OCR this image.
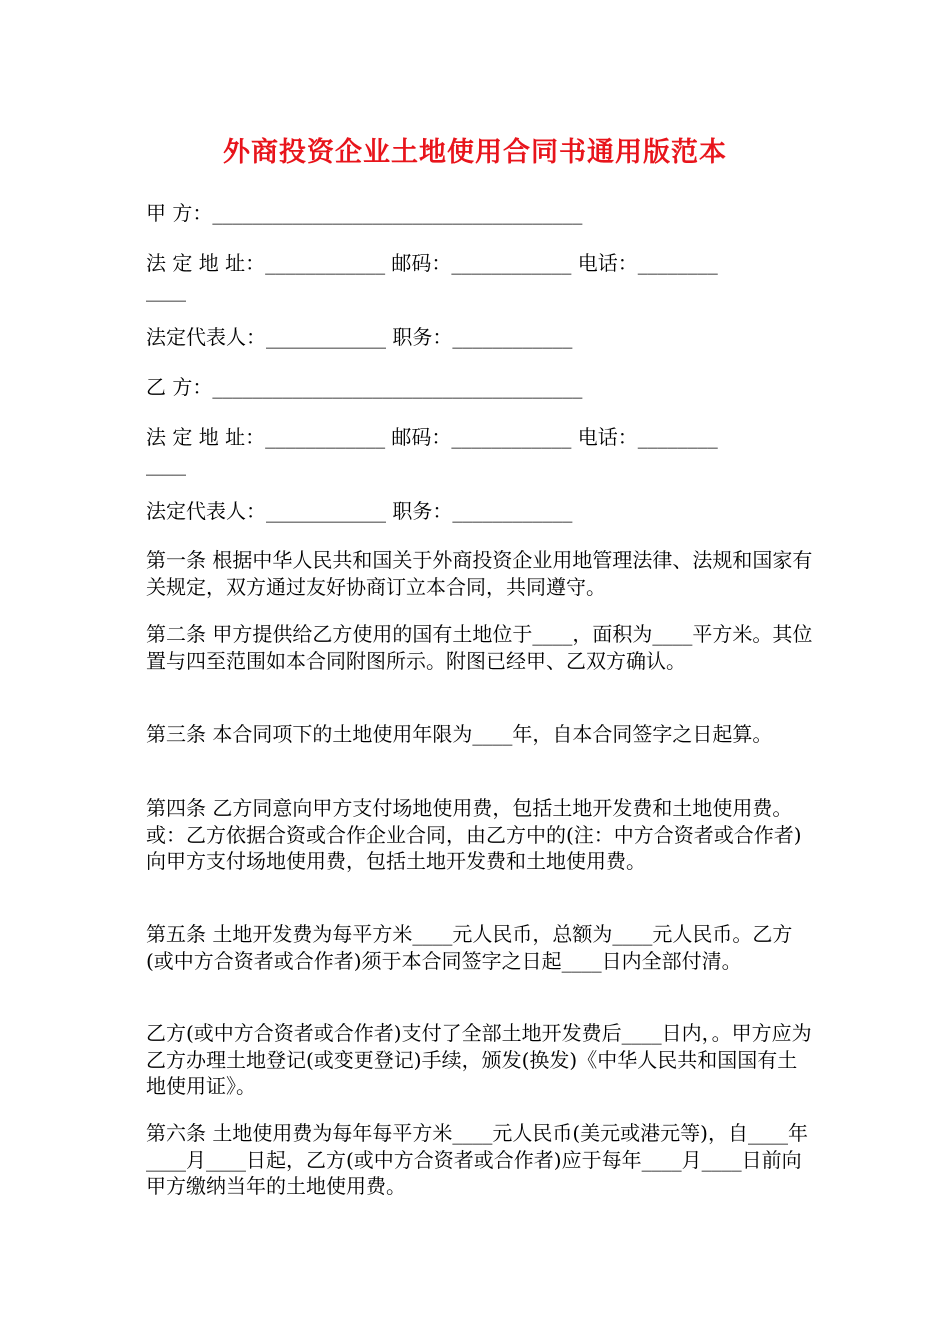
外商投资企业土地使用合同书通用版范本
甲 方：_____________________________________
法 定 地 址：____________ 邮码：____________ 电话：________
____
法定代表人：____________ 职务：____________
乙 方：_____________________________________
法 定 地 址：____________ 邮码：____________ 电话：________
____
法定代表人：____________ 职务：____________

第一条 根据中华人民共和国关于外商投资企业用地管理法律、法规和国家有关规定，双方通过友好协商订立本合同，共同遵守。

第二条 甲方提供给乙方使用的国有土地位于____，面积为____平方米。其位置与四至范围如本合同附图所示。附图已经甲、乙双方确认。

第三条 本合同项下的土地使用年限为____年，自本合同签字之日起算。

第四条 乙方同意向甲方支付场地使用费，包括土地开发费和土地使用费。或：乙方依据合资或合作企业合同，由乙方中的(注：中方合资者或合作者)向甲方支付场地使用费，包括土地开发费和土地使用费。

第五条 土地开发费为每平方米____元人民币，总额为____元人民币。乙方(或中方合资者或合作者)须于本合同签字之日起____日内全部付清。

乙方(或中方合资者或合作者)支付了全部土地开发费后____日内，。甲方应为乙方办理土地登记(或变更登记)手续，颁发(换发)《中华人民共和国国有土地使用证》。

第六条 土地使用费为每年每平方米____元人民币(美元或港元等)，自____年____月____日起，乙方(或中方合资者或合作者)应于每年____月____日前向甲方缴纳当年的土地使用费。
